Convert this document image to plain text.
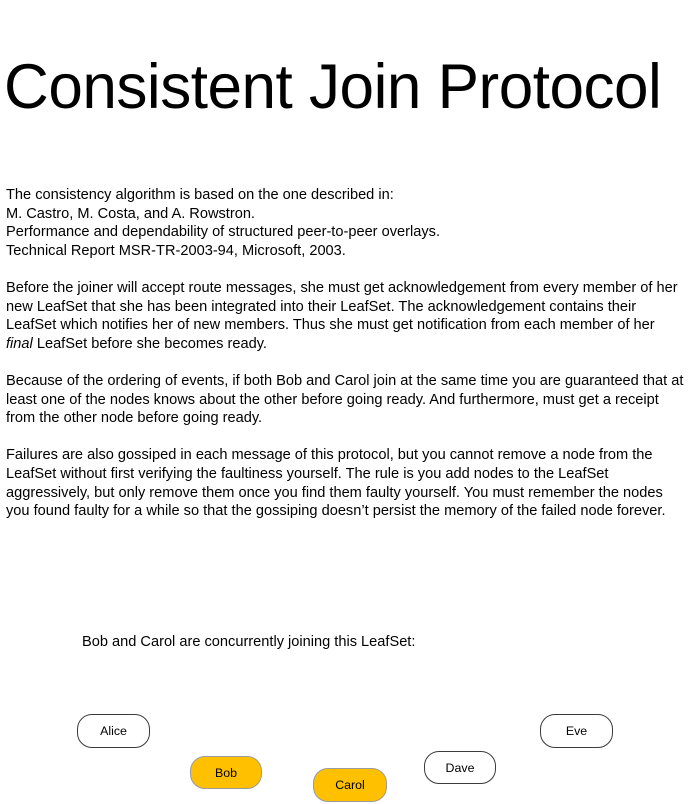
Consistent Join Protocol

The consistency algorithm is based on the one described in:
M. Castro, M. Costa, and A. Rowstron.
Performance and dependability of structured peer-to-peer overlays.
Technical Report MSR-TR-2003-94, Microsoft, 2003.

Before the joiner will accept route messages, she must get acknowledgement from every member of her new LeafSet that she has been integrated into their LeafSet. The acknowledgement contains their LeafSet which notifies her of new members. Thus she must get notification from each member of her final LeafSet before she becomes ready.

Because of the ordering of events, if both Bob and Carol join at the same time you are guaranteed that at least one of the nodes knows about the other before going ready. And furthermore, must get a receipt from the other node before going ready.

Failures are also gossiped in each message of this protocol, but you cannot remove a node from the LeafSet without first verifying the faultiness yourself. The rule is you add nodes to the LeafSet aggressively, but only remove them once you find them faulty yourself. You must remember the nodes you found faulty for a while so that the gossiping doesn’t persist the memory of the failed node forever.

Bob and Carol are concurrently joining this LeafSet:
Alice
Bob
Carol
Dave
Eve
